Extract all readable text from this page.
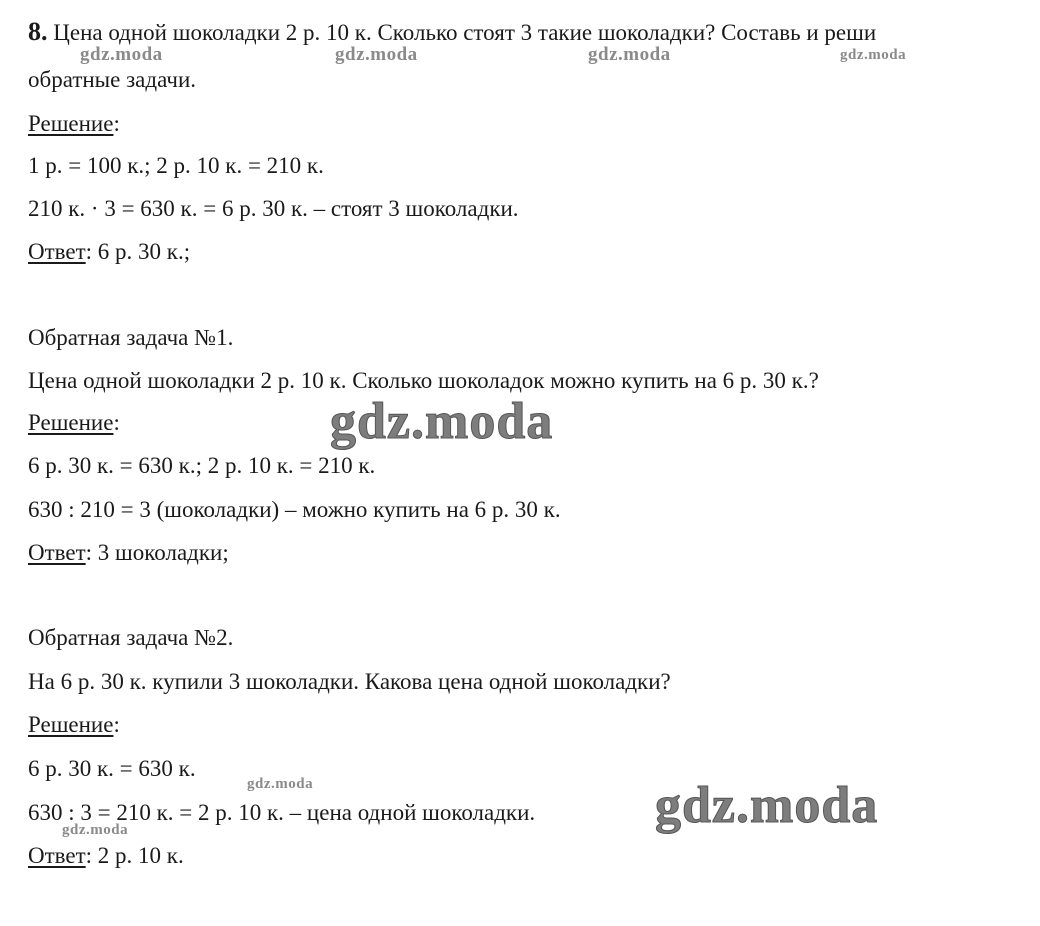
8. Цена одной шоколадки 2 р. 10 к. Сколько стоят 3 такие шоколадки? Составь и реши
обратные задачи.
Решение:
1 р. = 100 к.; 2 р. 10 к. = 210 к.
210 к. · 3 = 630 к. = 6 р. 30 к. – стоят 3 шоколадки.
Ответ: 6 р. 30 к.;
Обратная задача №1.
Цена одной шоколадки 2 р. 10 к. Сколько шоколадок можно купить на 6 р. 30 к.?
Решение:
6 р. 30 к. = 630 к.; 2 р. 10 к. = 210 к.
630 : 210 = 3 (шоколадки) – можно купить на 6 р. 30 к.
Ответ: 3 шоколадки;
Обратная задача №2.
На 6 р. 30 к. купили 3 шоколадки. Какова цена одной шоколадки?
Решение:
6 р. 30 к. = 630 к.
630 : 3 = 210 к. = 2 р. 10 к. – цена одной шоколадки.
Ответ: 2 р. 10 к.
gdz.moda	gdz.moda	gdz.moda	gdz.moda
gdz.moda
gdz.moda	gdz.moda
gdz.moda
